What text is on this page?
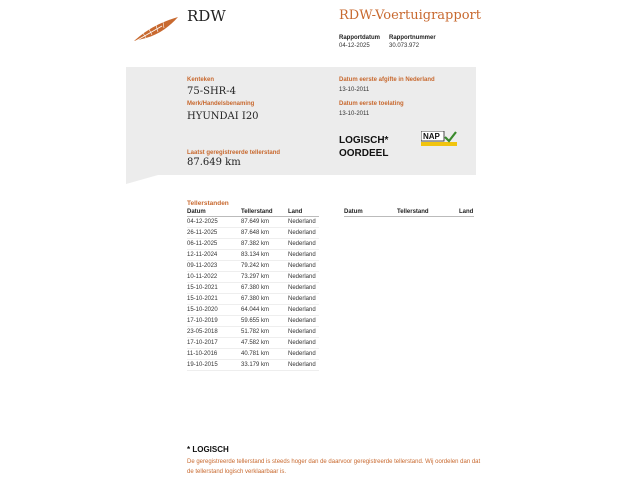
RDW	RDW-Voertuigrapport
Rapportdatum
04-12-2025
Rapportnummer
30.073.972
Kenteken
75-SHR-4
Merk/Handelsbenaming
HYUNDAI I20
Laatst geregistreerde tellerstand
87.649 km
Datum eerste afgifte in Nederland
13-10-2011
Datum eerste toelating
13-10-2011
LOGISCH*
OORDEEL
NAP
Tellerstanden
Datum	Tellerstand	Land
04-12-2025	87.649 km	Nederland
26-11-2025	87.648 km	Nederland
06-11-2025	87.382 km	Nederland
12-11-2024	83.134 km	Nederland
09-11-2023	79.242 km	Nederland
10-11-2022	73.297 km	Nederland
15-10-2021	67.380 km	Nederland
15-10-2021	67.380 km	Nederland
15-10-2020	64.044 km	Nederland
17-10-2019	59.655 km	Nederland
23-05-2018	51.782 km	Nederland
17-10-2017	47.582 km	Nederland
11-10-2016	40.781 km	Nederland
19-10-2015	33.179 km	Nederland
Datum	Tellerstand	Land
* LOGISCH
De geregistreerde tellerstand is steeds hoger dan de daarvoor geregistreerde tellerstand. Wij oordelen dan dat de tellerstand logisch verklaarbaar is.
